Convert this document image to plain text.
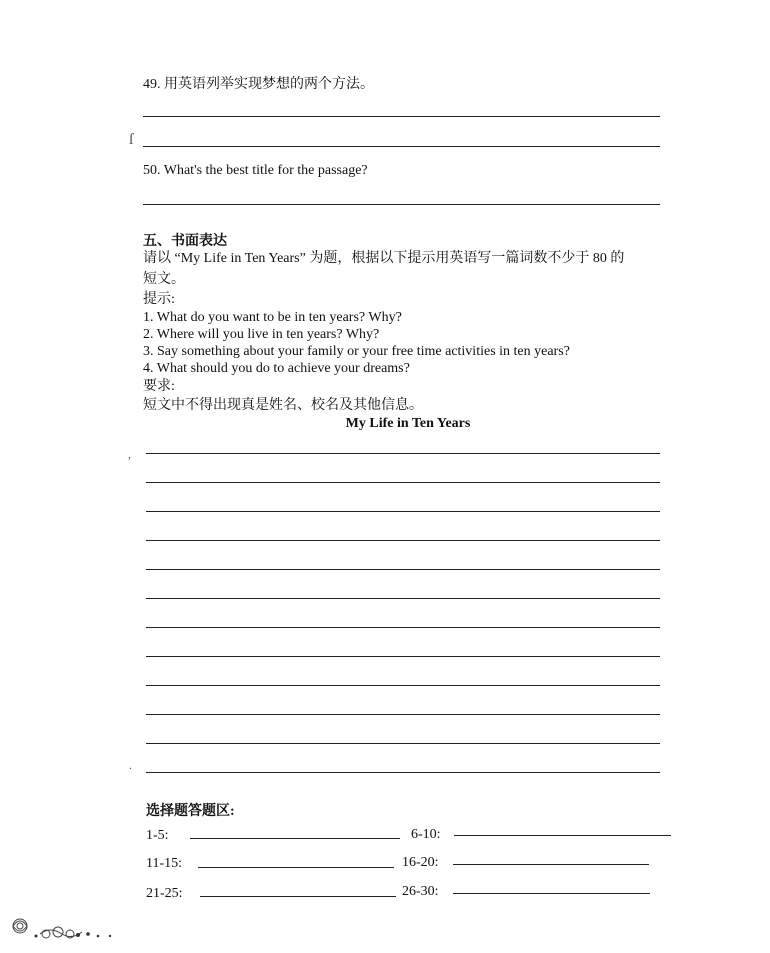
49. 用英语列举实现梦想的两个方法。
ſ
50. What's the best title for the passage?
五、书面表达
请以 “My Life in Ten Years” 为题，根据以下提示用英语写一篇词数不少于 80 的
短文。
提示:
1. What do you want to be in ten years? Why?
2. Where will you live in ten years? Why?
3. Say something about your family or your free time activities in ten years?
4. What should you do to achieve your dreams?
要求:
短文中不得出现真是姓名、校名及其他信息。
My Life in Ten Years
,
.
选择题答题区:
1-5:	6-10:
11-15:	16-20:
21-25:	26-30:
